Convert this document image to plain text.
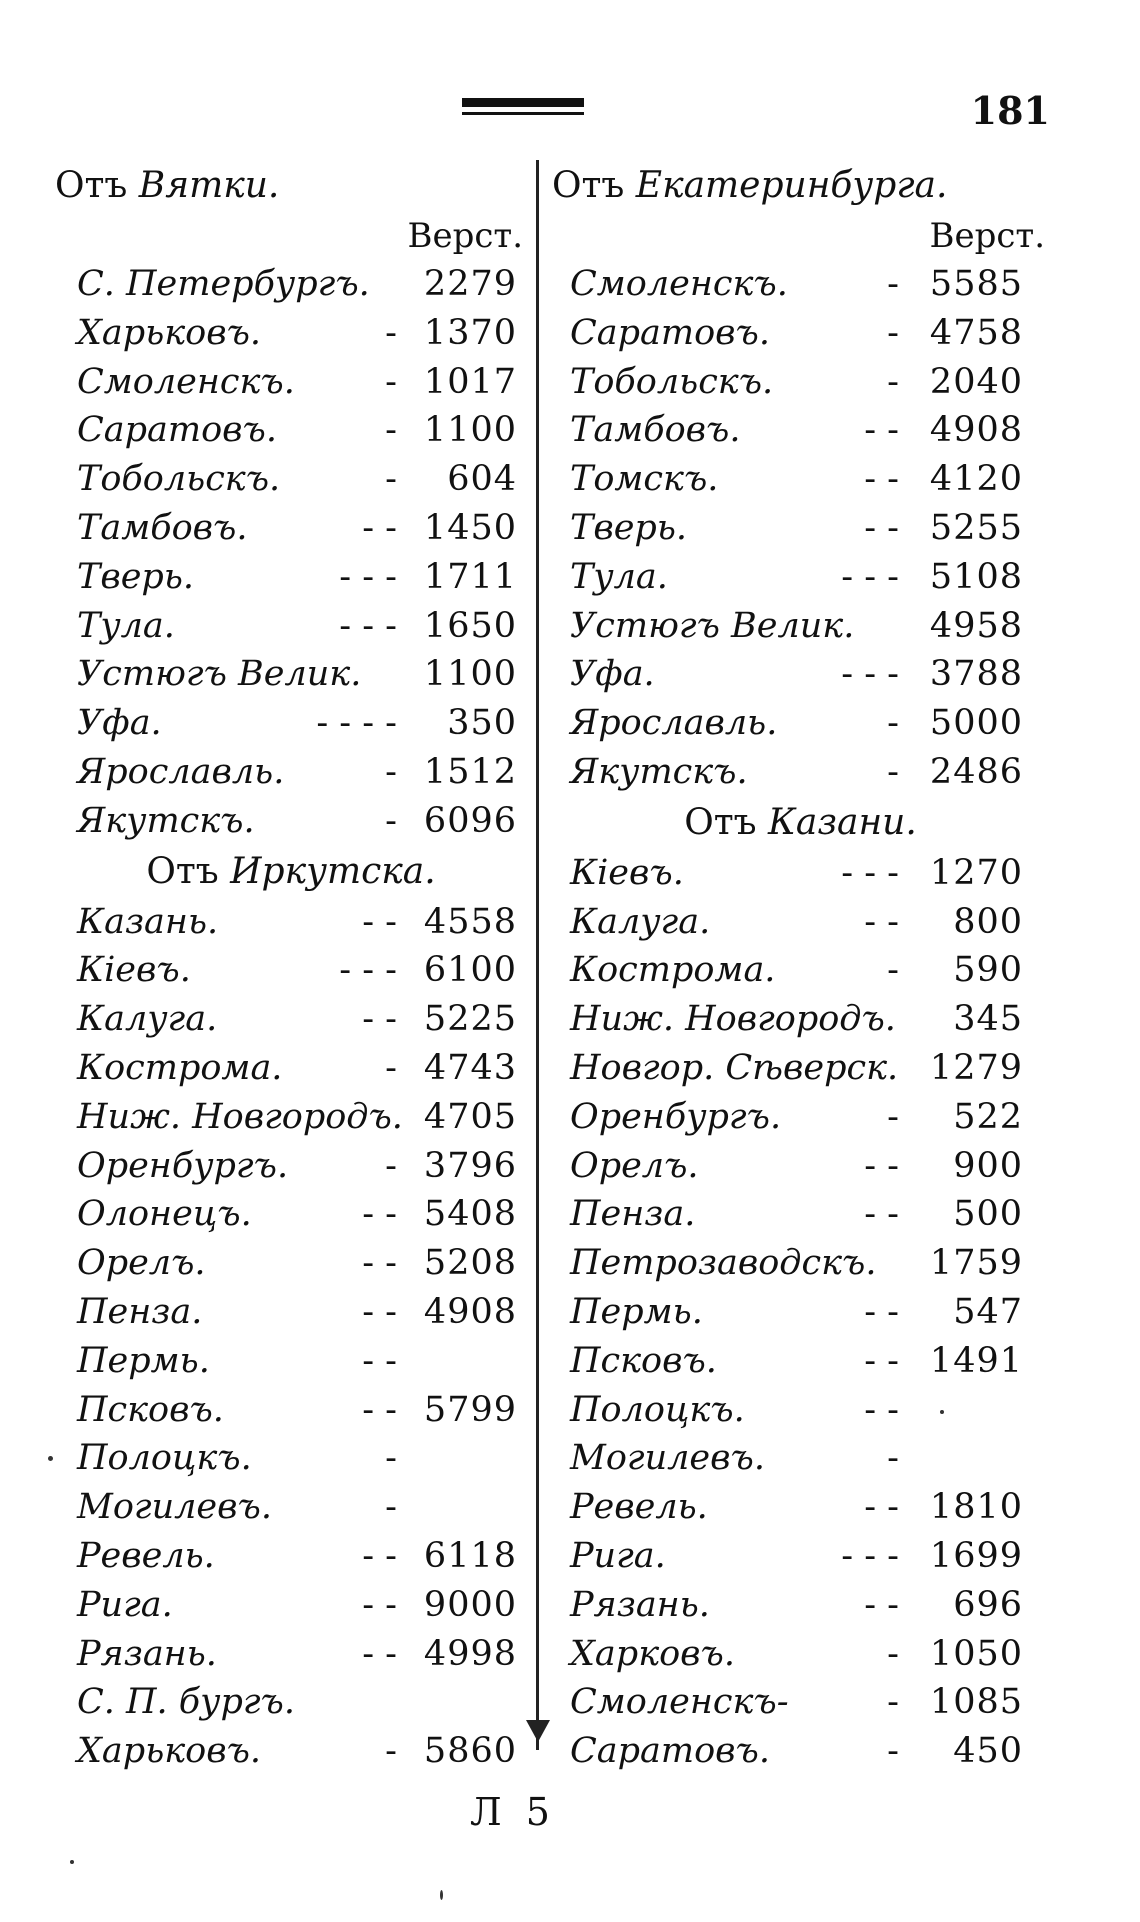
181
Отъ Вятки.
Верст.
С. Петербургъ. 2279
Харьковъ.	- 1370
Смоленскъ.	- 1017
Саратовъ.	- 1100
Тобольскъ.	- 604
Тамбовъ.	- - 1450
Тверь.	- - - 1711
Тула.	- - - 1650
Устюгъ Велик. 1100
Уфа.	- - - - 350
Ярославль.	- 1512
Якутскъ.	- 6096
Отъ Иркутска.
Казань.	- - 4558
Кіевъ.	- - - 6100
Калуга.	- - 5225
Кострома.	- 4743
Ниж. Новгородъ. 4705
Оренбургъ.	- 3796
Олонецъ.	- - 5408
Орелъ.	- - 5208
Пенза.	- - 4908
Пермь.	- -
Псковъ.	- - 5799
Полоцкъ.	-
Могилевъ.	-
Ревель.	- - 6118
Рига.	- - 9000
Рязань.	- - 4998
С. П. бургъ.
Харьковъ.	- 5860
Отъ Екатеринбурга.
Верст.
Смоленскъ.	- 5585
Саратовъ.	- 4758
Тобольскъ.	- 2040
Тамбовъ.	- - 4908
Томскъ.	- - 4120
Тверь.	- - 5255
Тула.	- - - 5108
Устюгъ Велик. 4958
Уфа.	- - - 3788
Ярославль.	- 5000
Якутскъ.	- 2486
Отъ Казани.
Кіевъ.	- - - 1270
Калуга.	- - 800
Кострома.	- 590
Ниж. Новгородъ. 345
Новгор. Сѣверск. 1279
Оренбургъ.	- 522
Орелъ.	- - 900
Пенза.	- - 500
Петрозаводскъ. 1759
Пермь.	- - 547
Псковъ.	- - 1491
Полоцкъ.	- -
Могилевъ.	-
Ревель.	- - 1810
Рига.	- - - 1699
Рязань.	- - 696
Харковъ.	- 1050
Смоленскъ-	- 1085
Саратовъ.	- 450
Л 5
